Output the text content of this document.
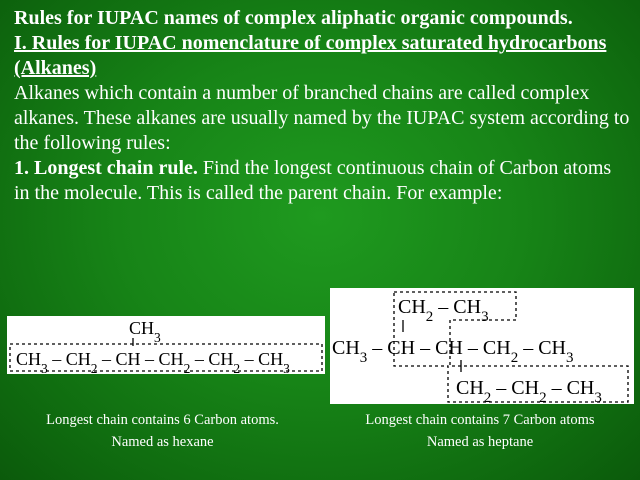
Rules for IUPAC names of complex aliphatic organic compounds.

I. Rules for IUPAC nomenclature of complex saturated hydrocarbons (Alkanes)

Alkanes which contain a number of branched chains are called complex alkanes. These alkanes are usually named by the IUPAC system according to the following rules:

1. Longest chain rule. Find the longest continuous chain of Carbon atoms in the molecule. This is called the parent chain. For example:

$CH_3$
$CH_3 - CH_2$ – CH – $CH_2 - CH_2 - CH_3$
$CH_2 - CH_3$
$CH_3$ – CH – CH – $CH_2 - CH_3$
$CH_2 - CH_2 - CH_3$
Longest chain contains 6 Carbon atoms.
Named as hexane
Longest chain contains 7 Carbon atoms
Named as heptane
